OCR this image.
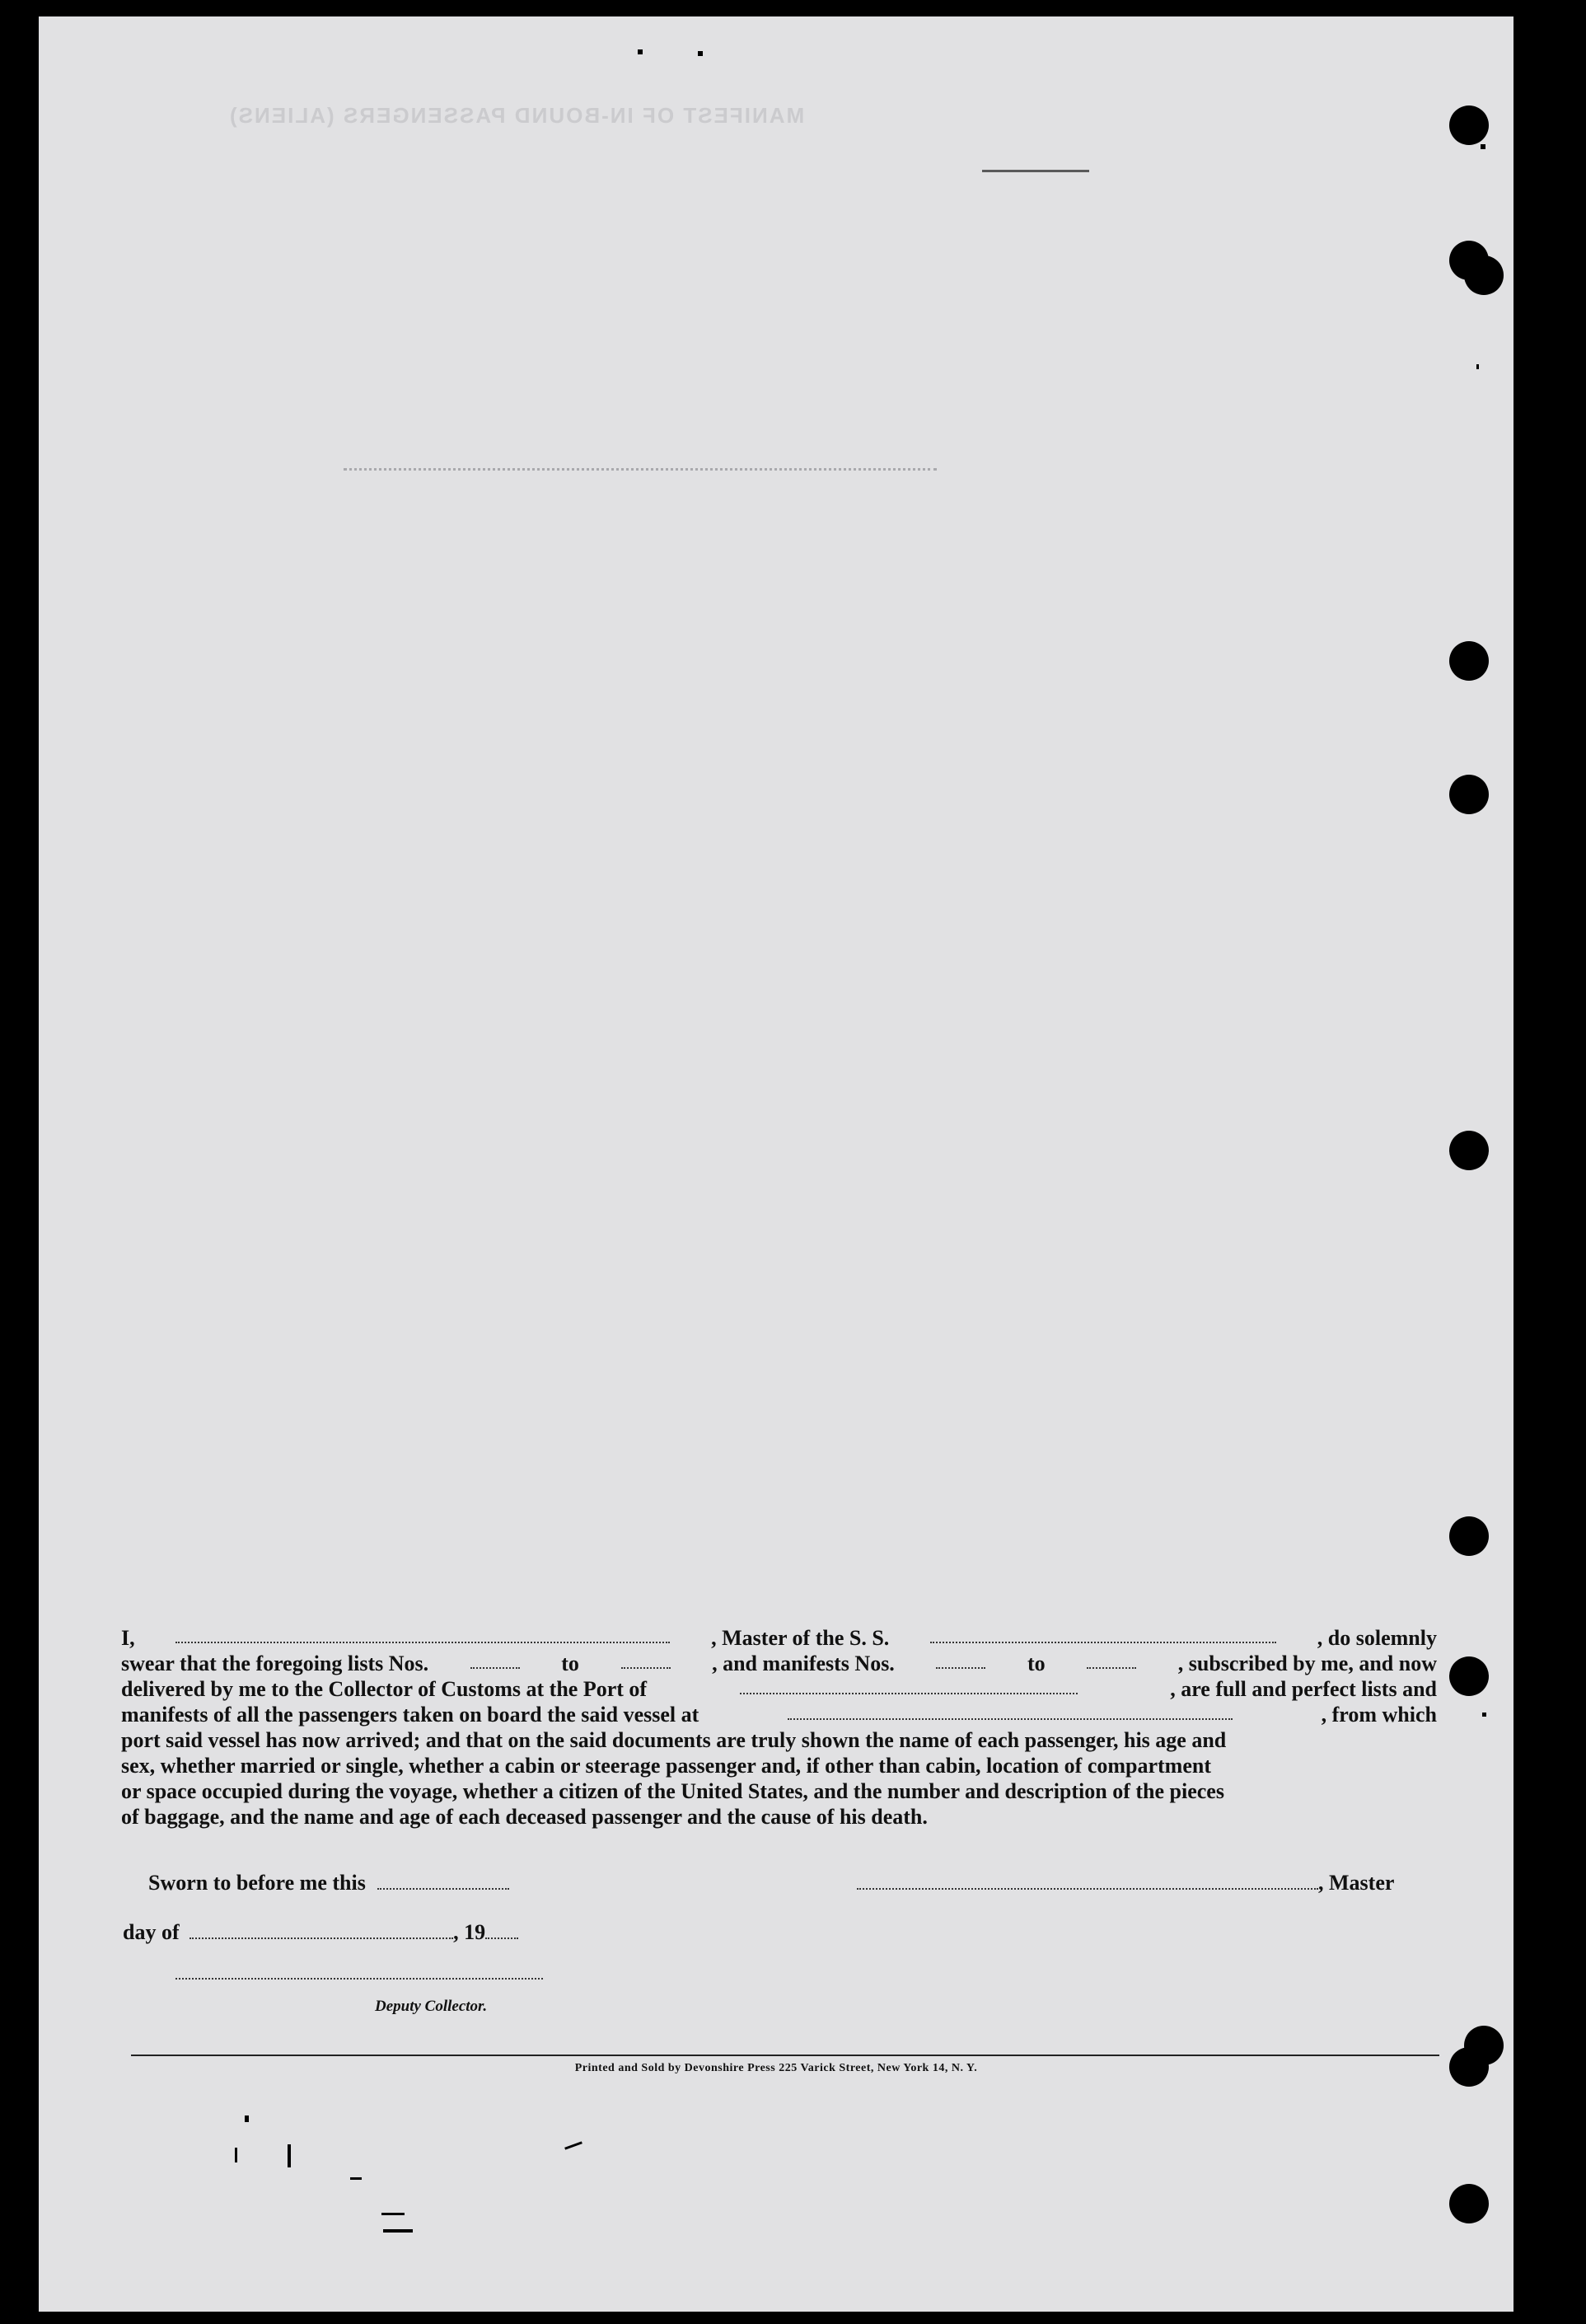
MANIFEST OF IN-BOUND PASSENGERS (ALIENS)
I,	, Master of the S. S.	, do solemnly
swear that the foregoing lists Nos.	to	, and manifests Nos.	to	, subscribed by me, and now
delivered by me to the Collector of Customs at the Port of	, are full and perfect lists and
manifests of all the passengers taken on board the said vessel at	, from which
port said vessel has now arrived; and that on the said documents are truly shown the name of each passenger, his age and
sex, whether married or single, whether a cabin or steerage passenger and, if other than cabin, location of compartment
or space occupied during the voyage, whether a citizen of the United States, and the number and description of the pieces
of baggage, and the name and age of each deceased passenger and the cause of his death.
Sworn to before me this	, Master
day of	, 19
Deputy Collector.
Printed and Sold by Devonshire Press 225 Varick Street, New York 14, N. Y.
